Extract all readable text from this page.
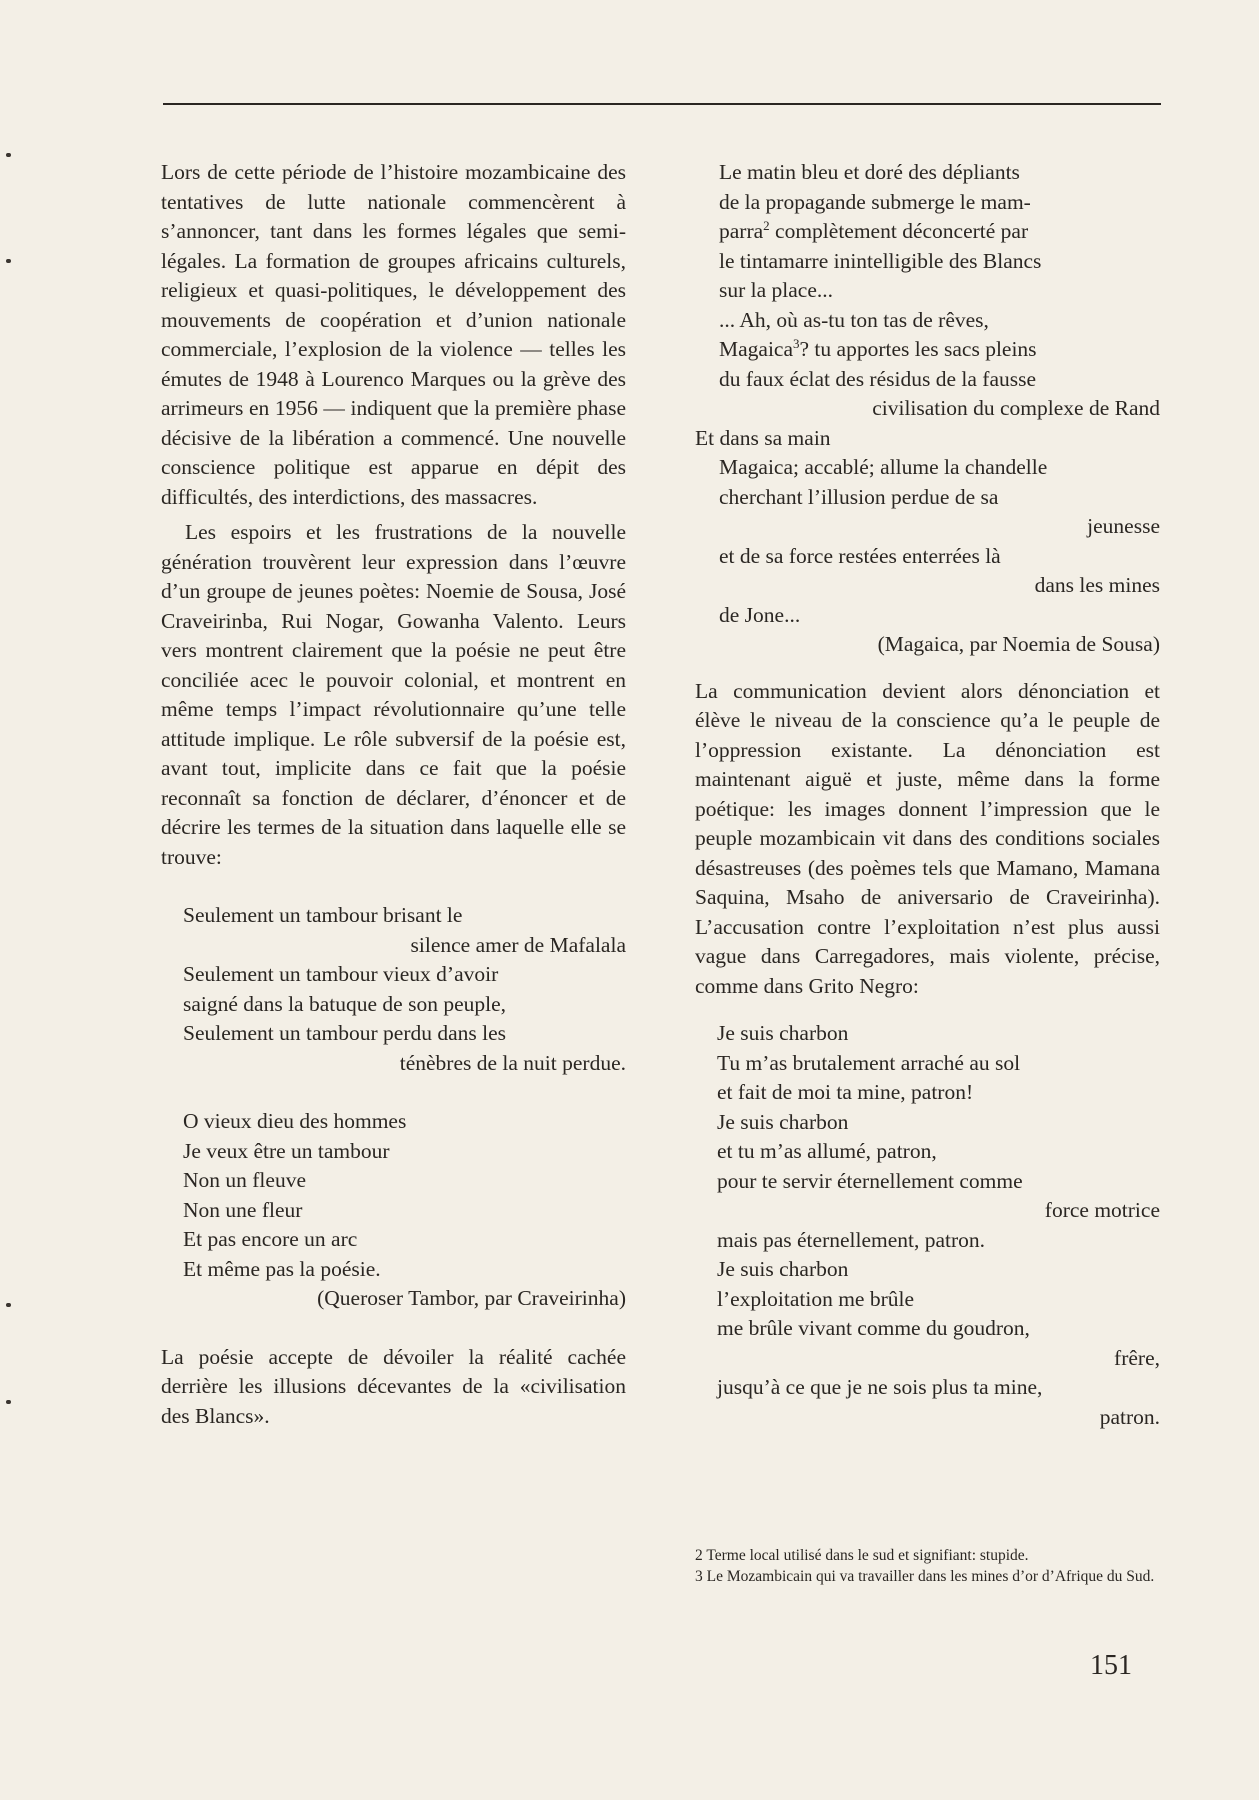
Lors de cette période de l’histoire mozambicaine des tentatives de lutte nationale commencèrent à s’annoncer, tant dans les formes légales que semi-légales. La formation de groupes africains culturels, religieux et quasi-politiques, le développement des mouvements de coopération et d’union nationale commerciale, l’explosion de la violence — telles les émutes de 1948 à Lourenco Marques ou la grève des arrimeurs en 1956 — indiquent que la première phase décisive de la libération a commencé. Une nouvelle conscience politique est apparue en dépit des difficultés, des interdictions, des massacres.

Les espoirs et les frustrations de la nouvelle génération trouvèrent leur expression dans l’œuvre d’un groupe de jeunes poètes: Noemie de Sousa, José Craveirinba, Rui Nogar, Gowanha Valento. Leurs vers montrent clairement que la poésie ne peut être conciliée acec le pouvoir colonial, et montrent en même temps l’impact révolutionnaire qu’une telle attitude implique. Le rôle subversif de la poésie est, avant tout, implicite dans ce fait que la poésie reconnaît sa fonction de déclarer, d’énoncer et de décrire les termes de la situation dans laquelle elle se trouve:

Seulement un tambour brisant le
silence amer de Mafalala
Seulement un tambour vieux d’avoir
saigné dans la batuque de son peuple,
Seulement un tambour perdu dans les
ténèbres de la nuit perdue.
O vieux dieu des hommes
Je veux être un tambour
Non un fleuve
Non une fleur
Et pas encore un arc
Et même pas la poésie.
(Queroser Tambor, par Craveirinha)

La poésie accepte de dévoiler la réalité cachée derrière les illusions décevantes de la «civilisation des Blancs».

Le matin bleu et doré des dépliants
de la propagande submerge le mam-
parra$^2$ complètement déconcerté par
le tintamarre inintelligible des Blancs
sur la place...
... Ah, où as-tu ton tas de rêves,
Magaica$^3$? tu apportes les sacs pleins
du faux éclat des résidus de la fausse
civilisation du complexe de Rand
Et dans sa main
Magaica; accablé; allume la chandelle
cherchant l’illusion perdue de sa
jeunesse
et de sa force restées enterrées là
dans les mines
de Jone...
(Magaica, par Noemia de Sousa)

La communication devient alors dénonciation et élève le niveau de la conscience qu’a le peuple de l’oppression existante. La dénonciation est maintenant aiguë et juste, même dans la forme poétique: les images donnent l’impression que le peuple mozambicain vit dans des conditions sociales désastreuses (des poèmes tels que Mamano, Mamana Saquina, Msaho de aniversario de Craveirinha). L’accusation contre l’exploitation n’est plus aussi vague dans Carregadores, mais violente, précise, comme dans Grito Negro:

Je suis charbon
Tu m’as brutalement arraché au sol
et fait de moi ta mine, patron!
Je suis charbon
et tu m’as allumé, patron,
pour te servir éternellement comme
force motrice
mais pas éternellement, patron.
Je suis charbon
l’exploitation me brûle
me brûle vivant comme du goudron,
frêre,
jusqu’à ce que je ne sois plus ta mine,
patron.

2 Terme local utilisé dans le sud et signifiant: stupide.

3 Le Mozambicain qui va travailler dans les mines d’or d’Afrique du Sud.

151
